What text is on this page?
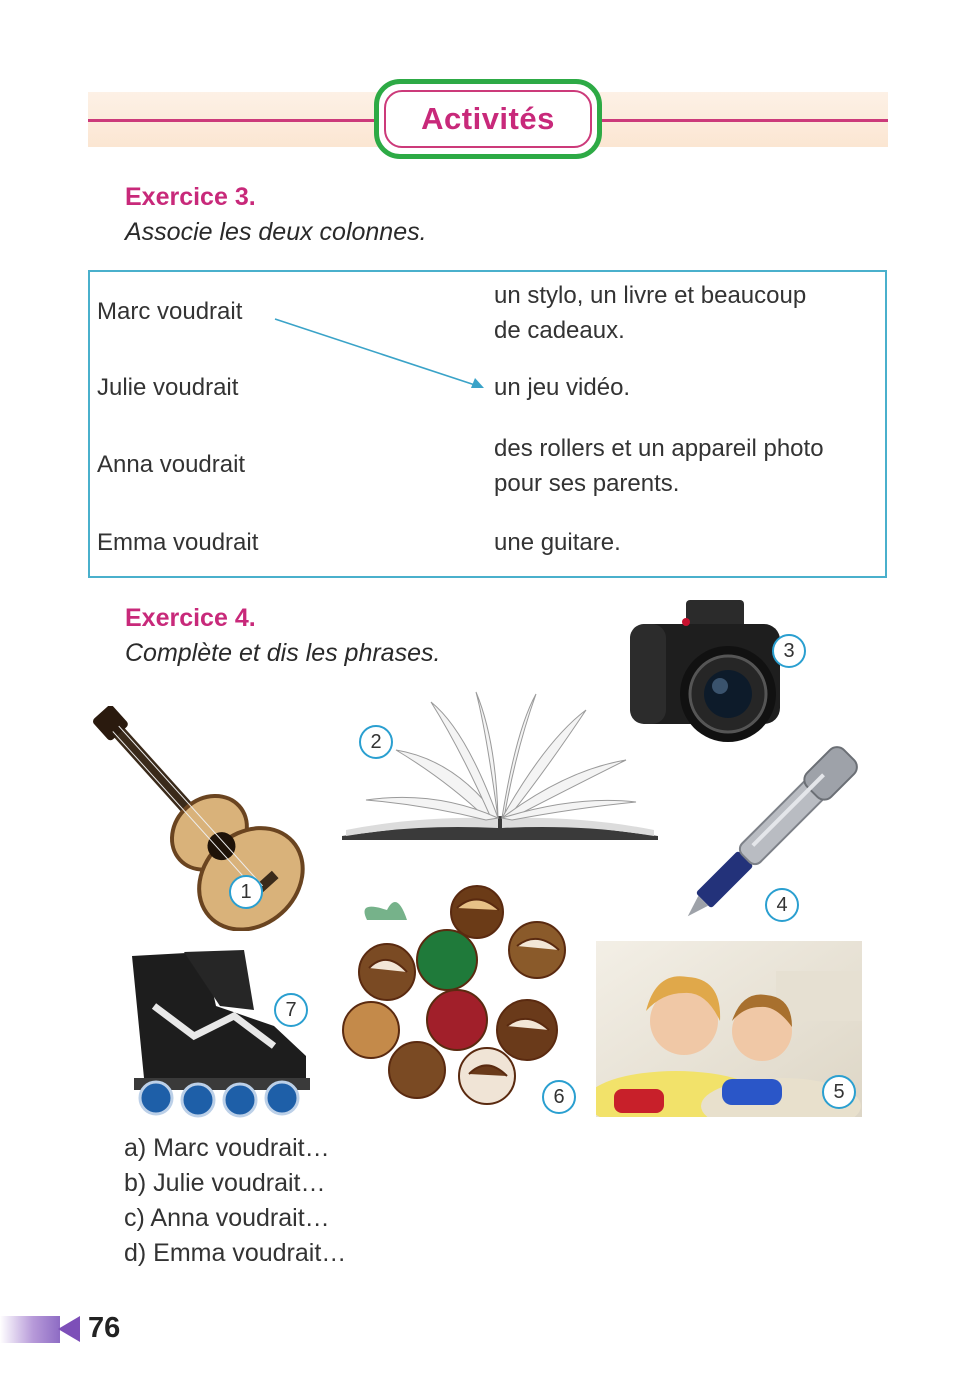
Activités
Exercice 3.
Associe les deux colonnes.
Marc voudrait
Julie voudrait
Anna voudrait
Emma voudrait
un stylo, un livre et beaucoup
de cadeaux.
un jeu vidéo.
des rollers et un appareil photo
pour ses parents.
une guitare.
Exercice 4.
Complète et dis les phrases.	3
2
1
4
7
6	5
a) Marc voudrait…
b) Julie voudrait…
c) Anna voudrait…
d) Emma voudrait…
76
